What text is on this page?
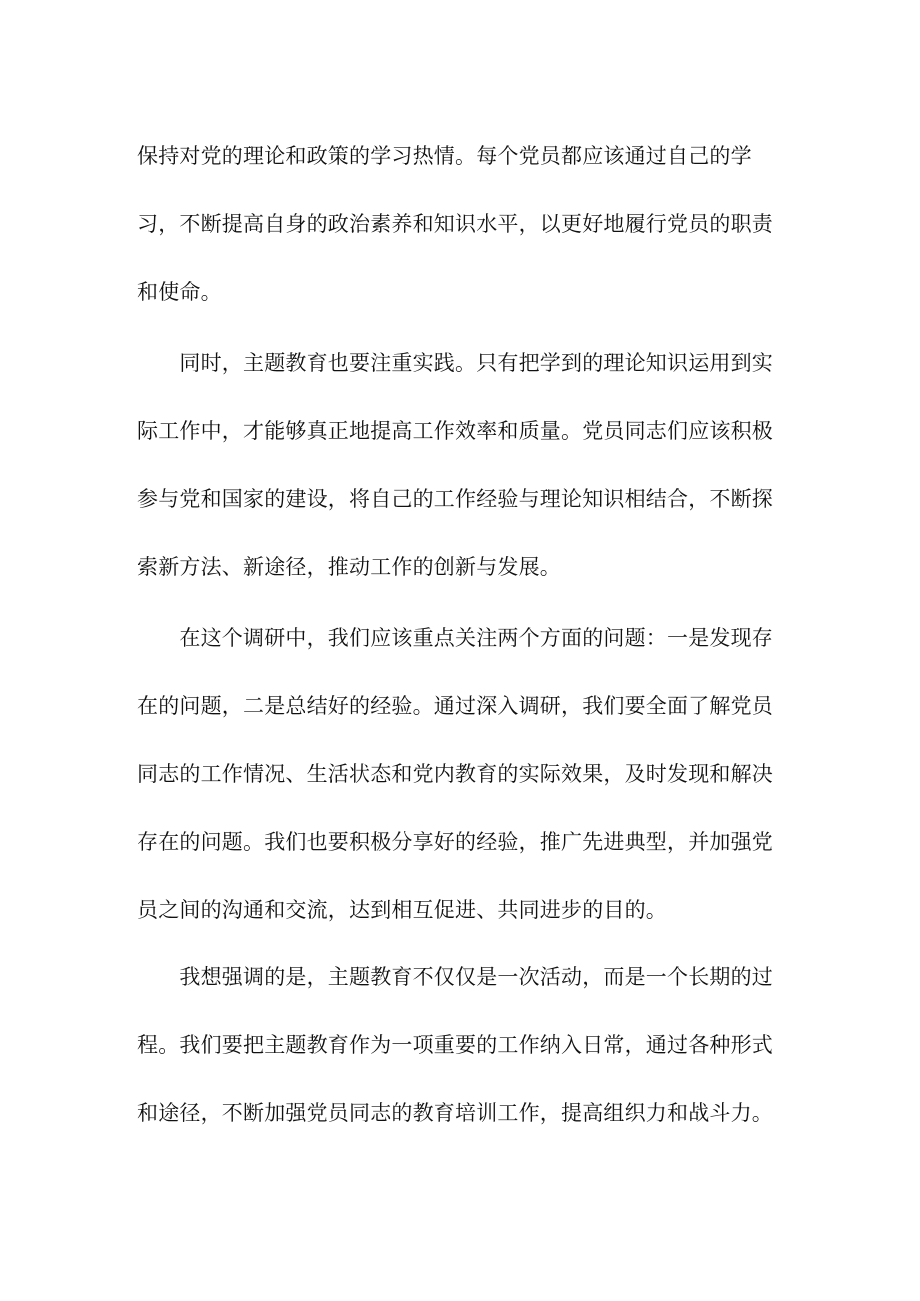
保持对党的理论和政策的学习热情。每个党员都应该通过自己的学
习，不断提高自身的政治素养和知识水平，以更好地履行党员的职责
和使命。
　　同时，主题教育也要注重实践。只有把学到的理论知识运用到实
际工作中，才能够真正地提高工作效率和质量。党员同志们应该积极
参与党和国家的建设，将自己的工作经验与理论知识相结合，不断探
索新方法、新途径，推动工作的创新与发展。
　　在这个调研中，我们应该重点关注两个方面的问题：一是发现存
在的问题，二是总结好的经验。通过深入调研，我们要全面了解党员
同志的工作情况、生活状态和党内教育的实际效果，及时发现和解决
存在的问题。我们也要积极分享好的经验，推广先进典型，并加强党
员之间的沟通和交流，达到相互促进、共同进步的目的。
　　我想强调的是，主题教育不仅仅是一次活动，而是一个长期的过
程。我们要把主题教育作为一项重要的工作纳入日常，通过各种形式
和途径，不断加强党员同志的教育培训工作，提高组织力和战斗力。
